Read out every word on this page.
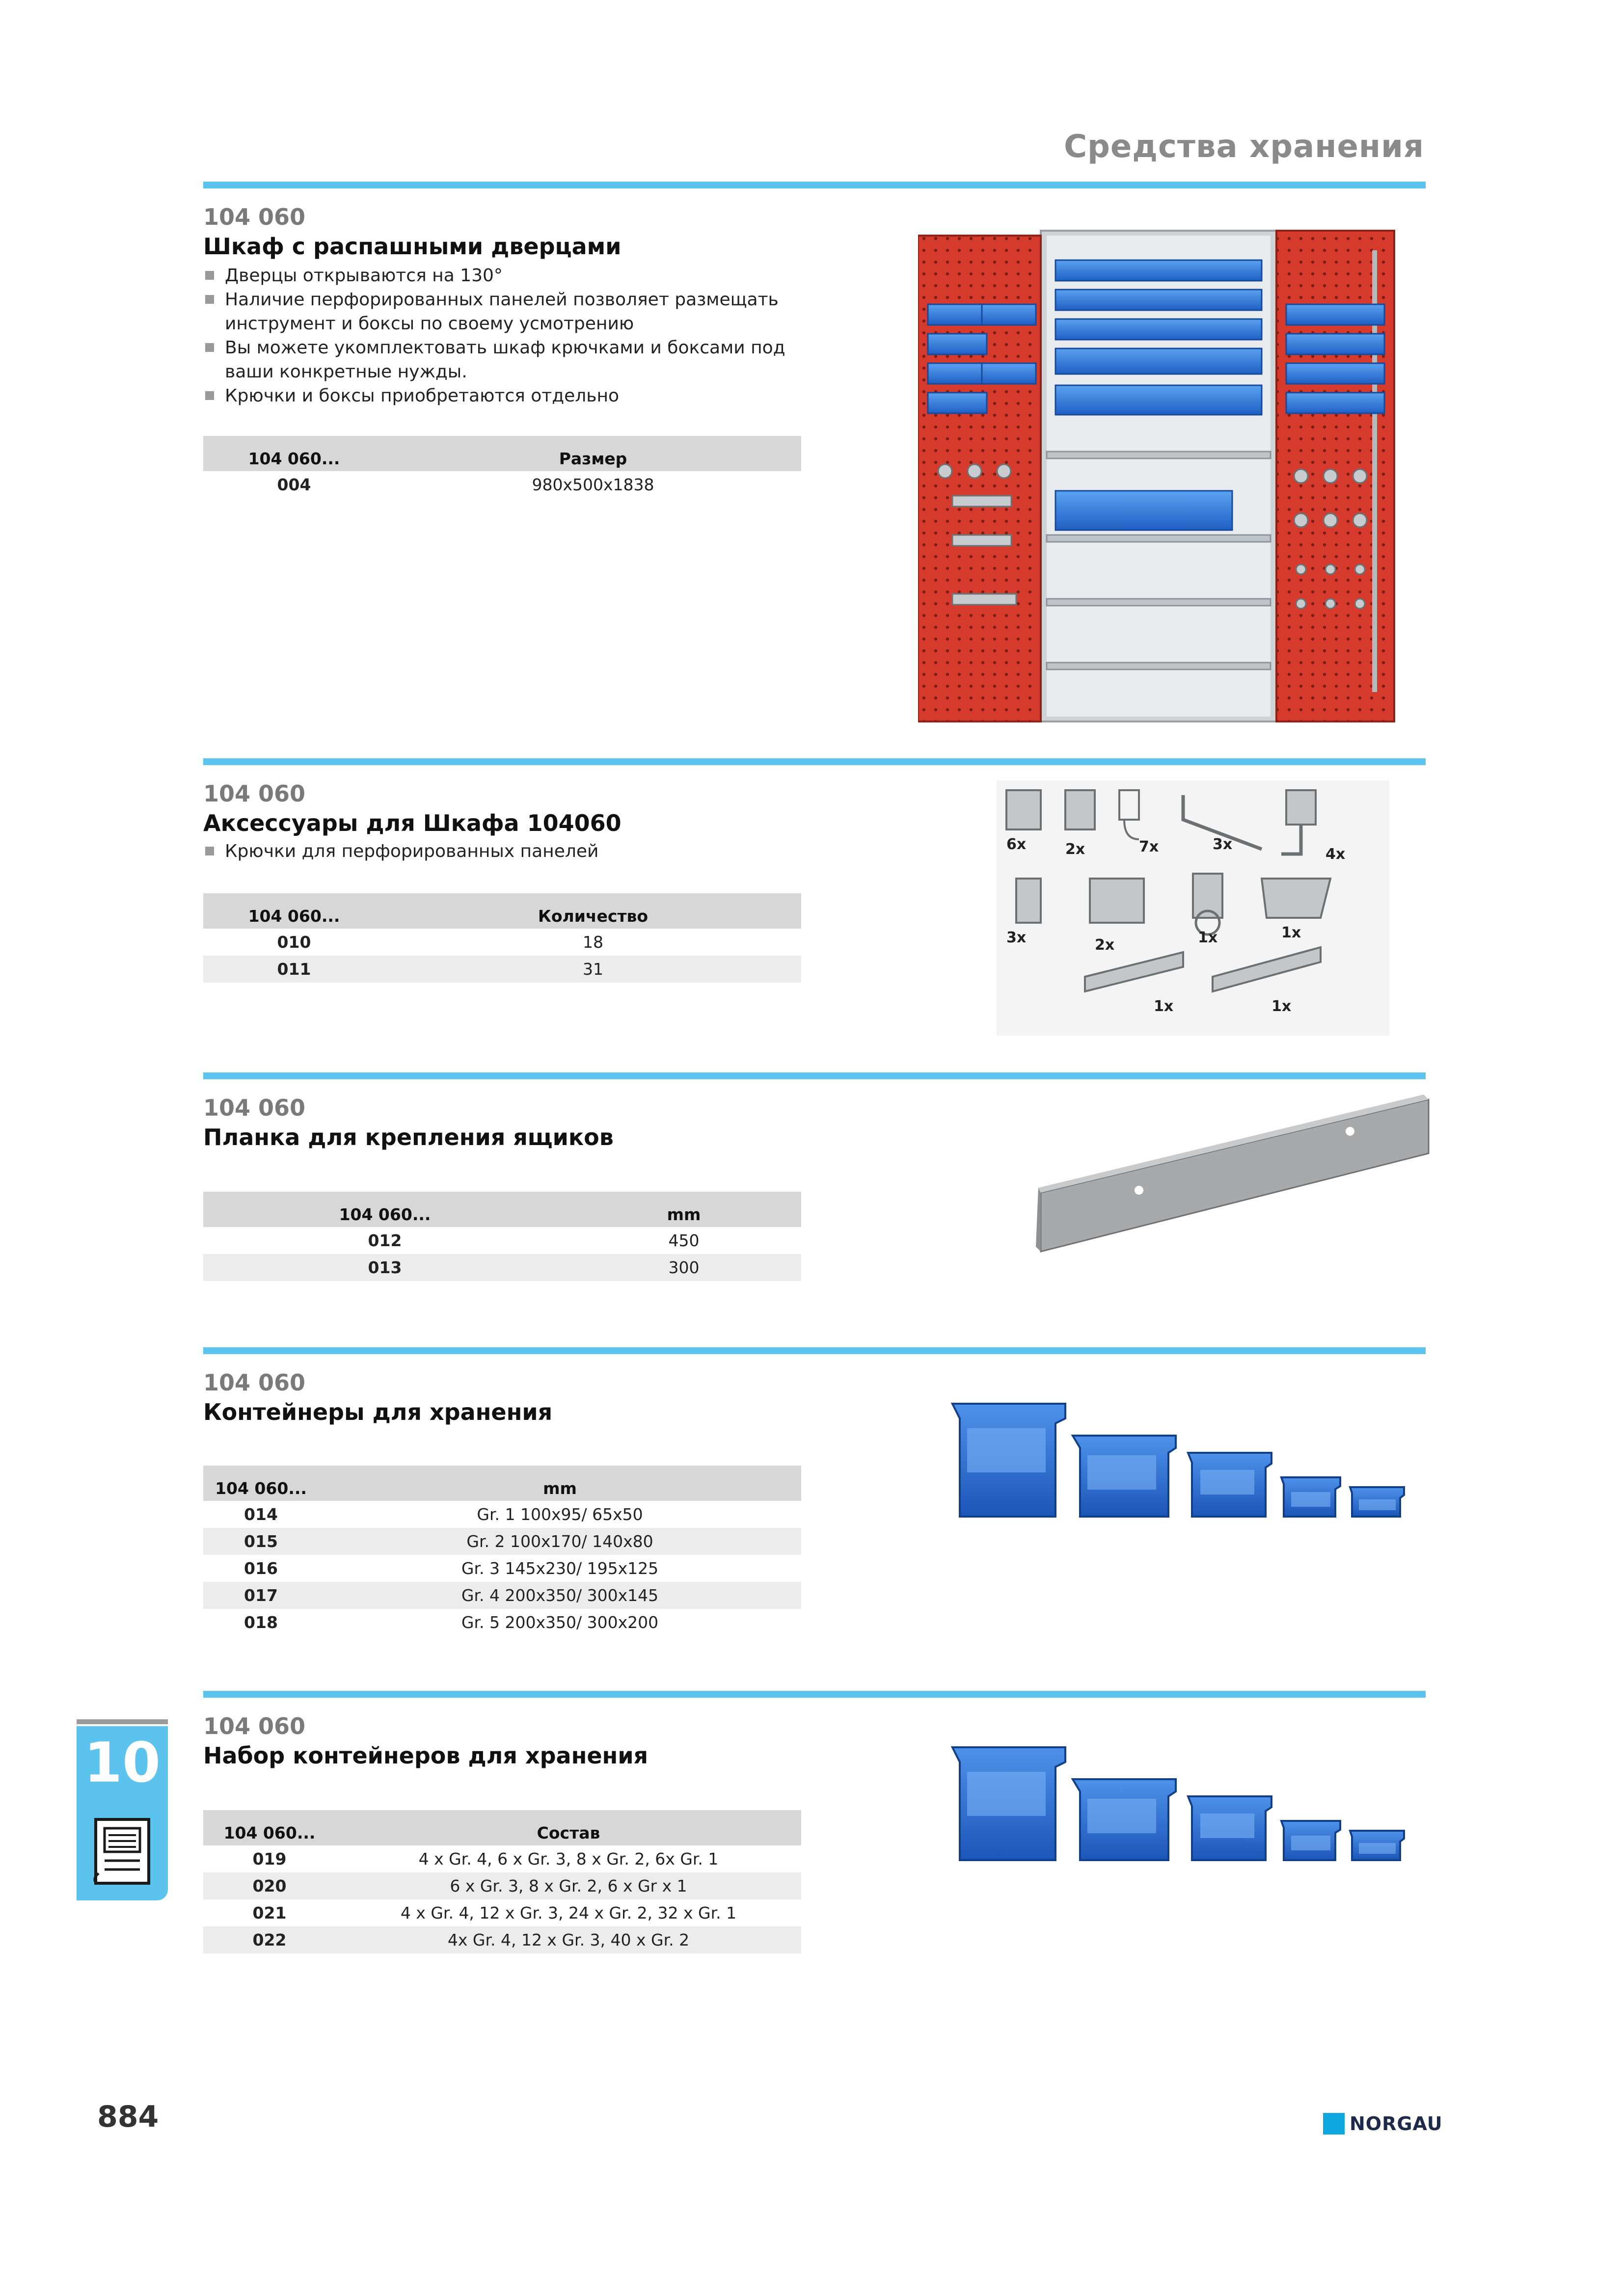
Средства хранения
104 060
Шкаф с распашными дверцами
Дверцы открываются на 130°
Наличие перфорированных панелей позволяет размещать инструмент и боксы по своему усмотрению
Вы можете укомплектовать шкаф крючками и боксами под ваши конкретные нужды.
Крючки и боксы приобретаются отдельно
104 060...	Размер
004	980x500x1838
104 060
Аксессуары для Шкафа 104060
Крючки для перфорированных панелей
104 060...	Количество
010	18
011	31
6x	2x	7x	3x
4x
3x	2x	1x	1x
1x	1x
104 060
Планка для крепления ящиков
104 060...	mm
012	450
013	300
104 060
Контейнеры для хранения
104 060...	mm
014	Gr. 1 100x95/ 65x50
015	Gr. 2 100x170/ 140x80
016	Gr. 3 145x230/ 195x125
017	Gr. 4 200x350/ 300x145
018	Gr. 5 200x350/ 300x200
104 060
Набор контейнеров для хранения
104 060...	Состав
019	4 x Gr. 4, 6 x Gr. 3, 8 x Gr. 2, 6x Gr. 1
020	6 x Gr. 3, 8 x Gr. 2, 6 x Gr x 1
021	4 x Gr. 4, 12 x Gr. 3, 24 x Gr. 2, 32 x Gr. 1
022	4x Gr. 4, 12 x Gr. 3, 40 x Gr. 2
10
884	NORGAU
